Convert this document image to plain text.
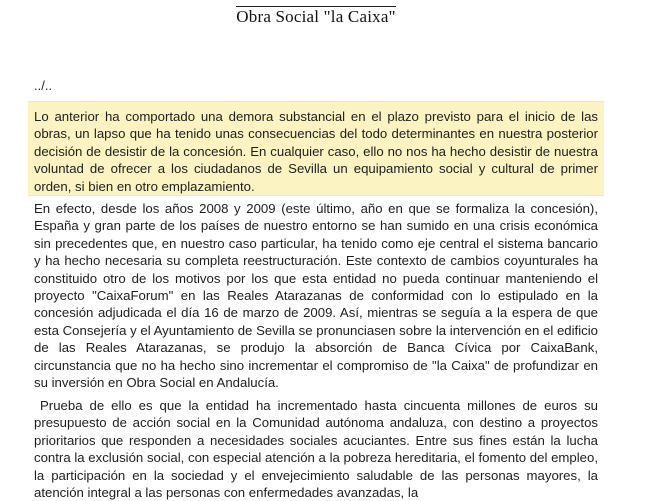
Obra Social "la Caixa"
../..

Lo anterior ha comportado una demora substancial en el plazo previsto para el inicio de las obras, un lapso que ha tenido unas consecuencias del todo determinantes en nuestra posterior decisión de desistir de la concesión. En cualquier caso, ello no nos ha hecho desistir de nuestra voluntad de ofrecer a los ciudadanos de Sevilla un equipamiento social y cultural de primer orden, si bien en otro emplazamiento.

En efecto, desde los años 2008 y 2009 (este último, año en que se formaliza la concesión), España y gran parte de los países de nuestro entorno se han sumido en una crisis económica sin precedentes que, en nuestro caso particular, ha tenido como eje central el sistema bancario y ha hecho necesaria su completa reestructuración. Este contexto de cambios coyunturales ha constituido otro de los motivos por los que esta entidad no pueda continuar manteniendo el proyecto "CaixaForum" en las Reales Atarazanas de conformidad con lo estipulado en la concesión adjudicada el día 16 de marzo de 2009. Así, mientras se seguía a la espera de que esta Consejería y el Ayuntamiento de Sevilla se pronunciasen sobre la intervención en el edificio de las Reales Atarazanas, se produjo la absorción de Banca Cívica por CaixaBank, circunstancia que no ha hecho sino incrementar el compromiso de "la Caixa" de profundizar en su inversión en Obra Social en Andalucía.

Prueba de ello es que la entidad ha incrementado hasta cincuenta millones de euros su presupuesto de acción social en la Comunidad autónoma andaluza, con destino a proyectos prioritarios que responden a necesidades sociales acuciantes. Entre sus fines están la lucha contra la exclusión social, con especial atención a la pobreza hereditaria, el fomento del empleo, la participación en la sociedad y el envejecimiento saludable de las personas mayores, la atención integral a las personas con enfermedades avanzadas, la
